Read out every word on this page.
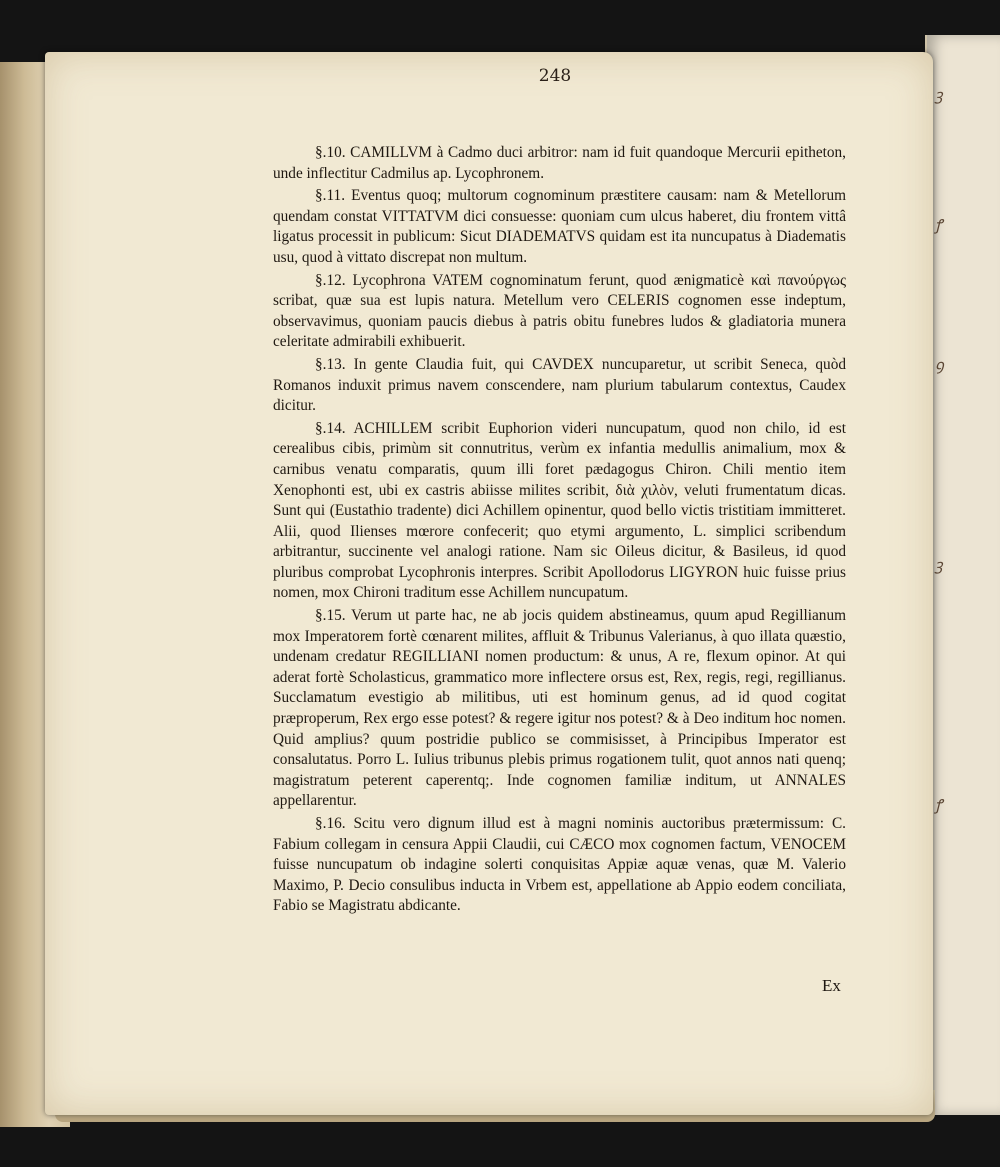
ꝫ
ꝭ
ꝯ
ꝫ
ꝭ
248

§.10. CAMILLVM à Cadmo duci arbitror: nam id fuit quandoque Mercurii epitheton, unde inflectitur Cadmilus ap. Lycophronem.

§.11. Eventus quoq; multorum cognominum præstitere causam: nam & Metellorum quendam constat VITTATVM dici consuesse: quoniam cum ulcus haberet, diu frontem vittâ ligatus processit in publicum: Sicut DIADEMATVS quidam est ita nuncupatus à Diadematis usu, quod à vittato discrepat non multum.

§.12. Lycophrona VATEM cognominatum ferunt, quod ænigmaticè καὶ πανούργως scribat, quæ sua est lupis natura. Metellum vero CELERIS cognomen esse indeptum, observavimus, quoniam paucis diebus à patris obitu funebres ludos & gladiatoria munera celeritate admirabili exhibuerit.

§.13. In gente Claudia fuit, qui CAVDEX nuncuparetur, ut scribit Seneca, quòd Romanos induxit primus navem conscendere, nam plurium tabularum contextus, Caudex dicitur.

§.14. ACHILLEM scribit Euphorion videri nuncupatum, quod non chilo, id est cerealibus cibis, primùm sit connutritus, verùm ex infantia medullis animalium, mox & carnibus venatu comparatis, quum illi foret pædagogus Chiron. Chili mentio item Xenophonti est, ubi ex castris abiisse milites scribit, διὰ χιλὸν, veluti frumentatum dicas. Sunt qui (Eustathio tradente) dici Achillem opinentur, quod bello victis tristitiam immitteret. Alii, quod Ilienses mœrore confecerit; quo etymi argumento, L. simplici scribendum arbitrantur, succinente vel analogi ratione. Nam sic Oileus dicitur, & Basileus, id quod pluribus comprobat Lycophronis interpres. Scribit Apollodorus LIGYRON huic fuisse prius nomen, mox Chironi traditum esse Achillem nuncupatum.

§.15. Verum ut parte hac, ne ab jocis quidem abstineamus, quum apud Regillianum mox Imperatorem fortè cœnarent milites, affluit & Tribunus Valerianus, à quo illata quæstio, undenam credatur REGILLIANI nomen productum: & unus, A re, flexum opinor. At qui aderat fortè Scholasticus, grammatico more inflectere orsus est, Rex, regis, regi, regillianus. Succlamatum evestigio ab militibus, uti est hominum genus, ad id quod cogitat præproperum, Rex ergo esse potest? & regere igitur nos potest? & à Deo inditum hoc nomen. Quid amplius? quum postridie publico se commisisset, à Principibus Imperator est consalutatus. Porro L. Iulius tribunus plebis primus rogationem tulit, quot annos nati quenq; magistratum peterent caperentq;. Inde cognomen familiæ inditum, ut ANNALES appellarentur.

§.16. Scitu vero dignum illud est à magni nominis auctoribus prætermissum: C. Fabium collegam in censura Appii Claudii, cui CÆCO mox cognomen factum, VENOCEM fuisse nuncupatum ob indagine solerti conquisitas Appiæ aquæ venas, quæ M. Valerio Maximo, P. Decio consulibus inducta in Vrbem est, appellatione ab Appio eodem conciliata, Fabio se Magistratu abdicante.

Ex
